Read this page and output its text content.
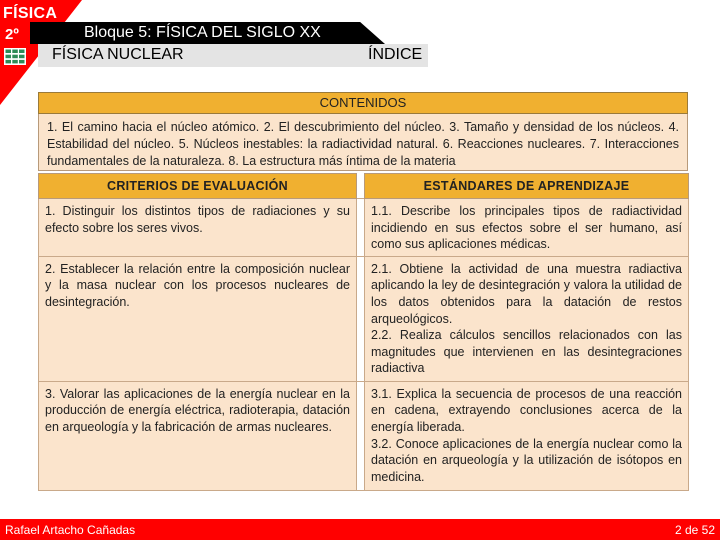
FÍSICA
2º	Bloque 5: FÍSICA DEL SIGLO XX
FÍSICA NUCLEAR	ÍNDICE
CONTENIDOS
1. El camino hacia el núcleo atómico. 2. El descubrimiento del núcleo. 3. Tamaño y densidad de los núcleos. 4. Estabilidad del núcleo. 5. Núcleos inestables: la radiactividad natural. 6. Reacciones nucleares. 7. Interacciones fundamentales de la naturaleza. 8. La estructura más íntima de la materia
CRITERIOS DE EVALUACIÓN		ESTÁNDARES DE APRENDIZAJE
1. Distinguir los distintos tipos de radiaciones y su efecto sobre los seres vivos.		1.1. Describe los principales tipos de radiactividad incidiendo en sus efectos sobre el ser humano, así como sus aplicaciones médicas.

2. Establecer la relación entre la composición nuclear y la masa nuclear con los procesos nucleares de desintegración.		2.1. Obtiene la actividad de una muestra radiactiva aplicando la ley de desintegración y valora la utilidad de los datos obtenidos para la datación de restos arqueológicos.
2.2. Realiza cálculos sencillos relacionados con las magnitudes que intervienen en las desintegraciones radiactiva

3. Valorar las aplicaciones de la energía nuclear en la producción de energía eléctrica, radioterapia, datación en arqueología y la fabricación de armas nucleares.		3.1. Explica la secuencia de procesos de una reacción en cadena, extrayendo conclusiones acerca de la energía liberada.
3.2. Conoce aplicaciones de la energía nuclear como la datación en arqueología y la utilización de isótopos en medicina.
Rafael Artacho Cañadas	2 de 52
